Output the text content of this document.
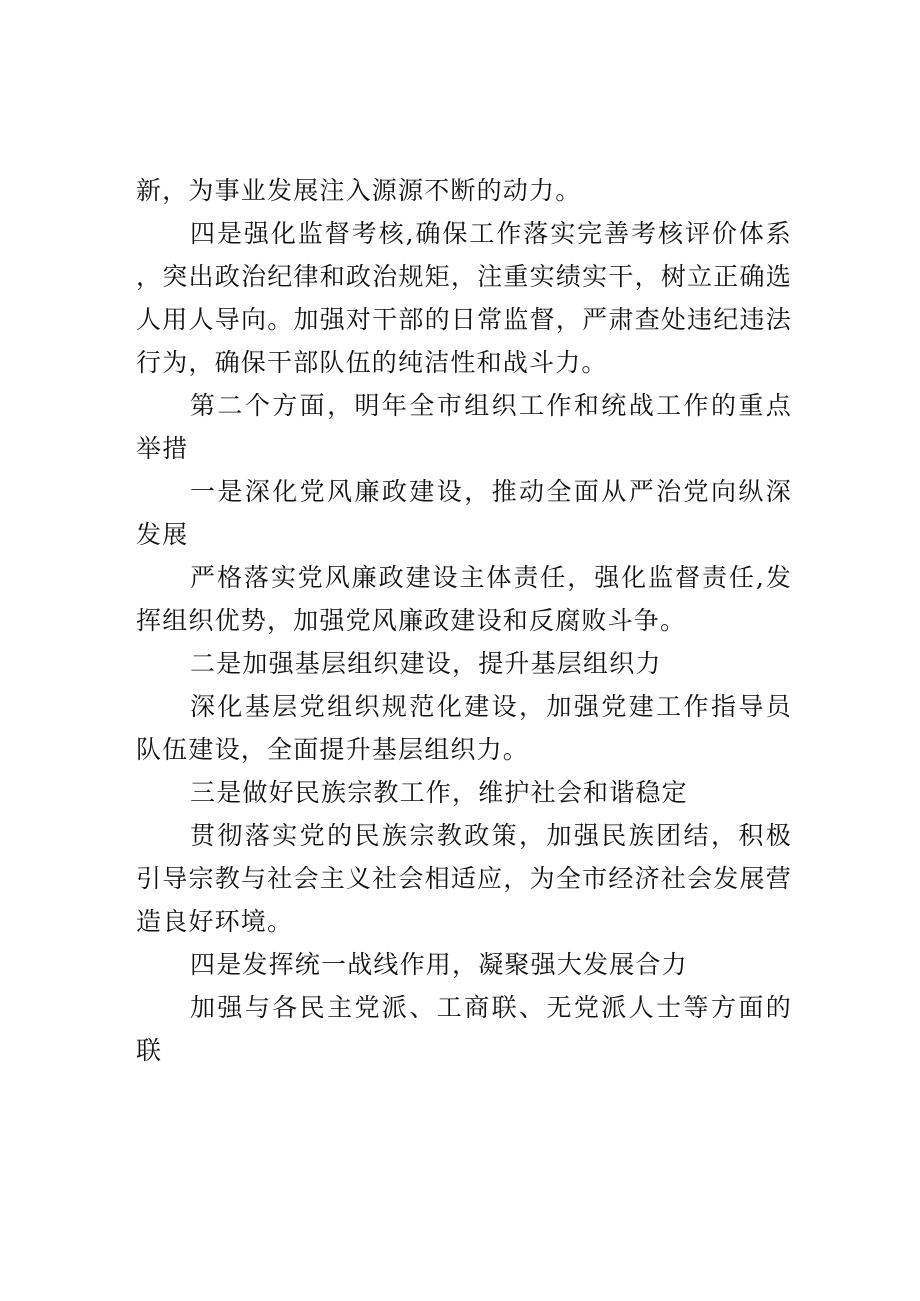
新，为事业发展注入源源不断的动力。

四是强化监督考核,确保工作落实完善考核评价体系，突出政治纪律和政治规矩，注重实绩实干，树立正确选人用人导向。加强对干部的日常监督，严肃查处违纪违法行为，确保干部队伍的纯洁性和战斗力。

第二个方面，明年全市组织工作和统战工作的重点举措

一是深化党风廉政建设，推动全面从严治党向纵深发展

严格落实党风廉政建设主体责任，强化监督责任,发挥组织优势，加强党风廉政建设和反腐败斗争。

二是加强基层组织建设，提升基层组织力

深化基层党组织规范化建设，加强党建工作指导员队伍建设，全面提升基层组织力。

三是做好民族宗教工作，维护社会和谐稳定

贯彻落实党的民族宗教政策，加强民族团结，积极引导宗教与社会主义社会相适应，为全市经济社会发展营造良好环境。

四是发挥统一战线作用，凝聚强大发展合力

加强与各民主党派、工商联、无党派人士等方面的联
